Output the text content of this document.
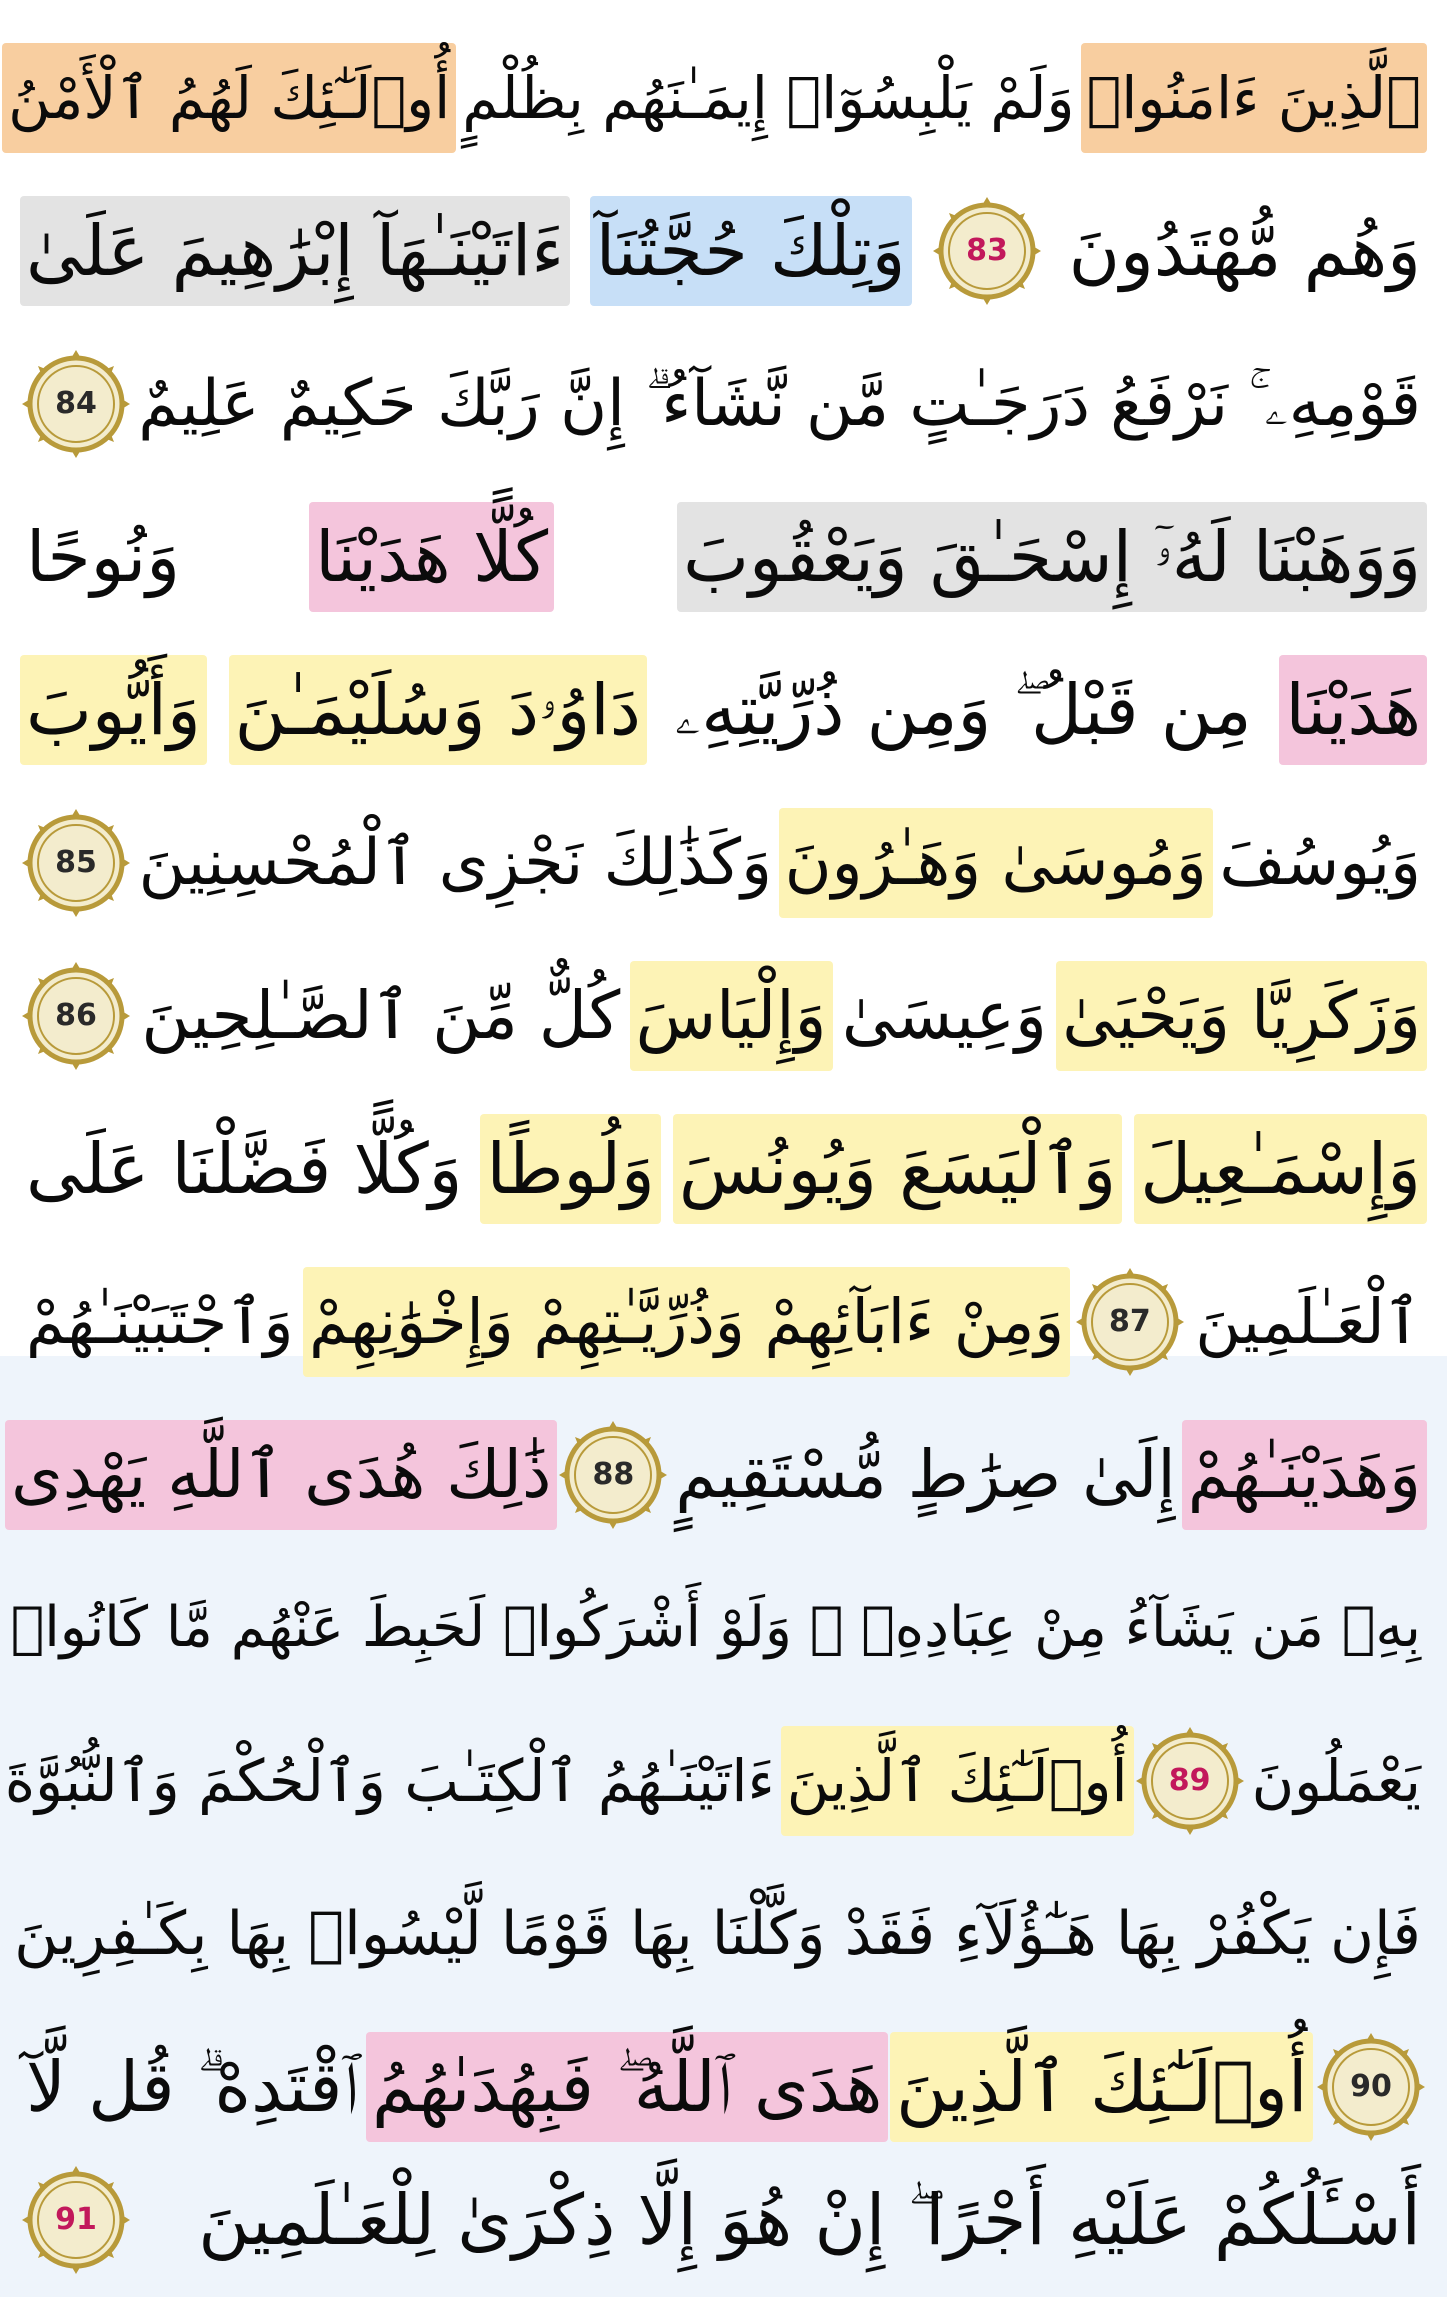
ٱلَّذِينَ ءَامَنُوا۟
وَلَمْ يَلْبِسُوٓا۟ إِيمَـٰنَهُم بِظُلْمٍ
أُو۟لَـٰٓئِكَ لَهُمُ ٱلْأَمْنُ
وَهُم مُّهْتَدُونَ
83
وَتِلْكَ حُجَّتُنَآ
ءَاتَيْنَـٰهَآ إِبْرَٰهِيمَ عَلَىٰ
قَوْمِهِۦ ۚ نَرْفَعُ دَرَجَـٰتٍ مَّن نَّشَآءُ ۗ إِنَّ رَبَّكَ حَكِيمٌ عَلِيمٌ
84
وَوَهَبْنَا لَهُۥٓ إِسْحَـٰقَ وَيَعْقُوبَ
كُلًّا هَدَيْنَا
وَنُوحًا
هَدَيْنَا
مِن قَبْلُ ۖ وَمِن ذُرِّيَّتِهِۦ
دَاوُۥدَ وَسُلَيْمَـٰنَ
وَأَيُّوبَ
وَيُوسُفَ
وَمُوسَىٰ وَهَـٰرُونَ
وَكَذَٰلِكَ نَجْزِى ٱلْمُحْسِنِينَ
85
وَزَكَرِيَّا وَيَحْيَىٰ
وَعِيسَىٰ
وَإِلْيَاسَ
كُلٌّ مِّنَ ٱلصَّـٰلِحِينَ
86
وَإِسْمَـٰعِيلَ
وَٱلْيَسَعَ وَيُونُسَ
وَلُوطًا
وَكُلًّا فَضَّلْنَا عَلَى
ٱلْعَـٰلَمِينَ
87
وَمِنْ ءَابَآئِهِمْ وَذُرِّيَّـٰتِهِمْ وَإِخْوَٰنِهِمْ
وَٱجْتَبَيْنَـٰهُمْ
وَهَدَيْنَـٰهُمْ
إِلَىٰ صِرَٰطٍ مُّسْتَقِيمٍ
88
ذَٰلِكَ هُدَى ٱللَّهِ يَهْدِى
بِهِۦ مَن يَشَآءُ مِنْ عِبَادِهِۦ ۚ وَلَوْ أَشْرَكُوا۟ لَحَبِطَ عَنْهُم مَّا كَانُوا۟
يَعْمَلُونَ
89
أُو۟لَـٰٓئِكَ ٱلَّذِينَ
ءَاتَيْنَـٰهُمُ ٱلْكِتَـٰبَ وَٱلْحُكْمَ وَٱلنُّبُوَّةَ
فَإِن يَكْفُرْ بِهَا هَـٰٓؤُلَآءِ فَقَدْ وَكَّلْنَا بِهَا قَوْمًا لَّيْسُوا۟ بِهَا بِكَـٰفِرِينَ
90
أُو۟لَـٰٓئِكَ ٱلَّذِينَ
هَدَى ٱللَّهُ ۖ فَبِهُدَىٰهُمُ
ٱقْتَدِهْ ۗ قُل لَّآ
أَسْـَٔلُكُمْ عَلَيْهِ أَجْرًا ۖ إِنْ هُوَ إِلَّا ذِكْرَىٰ لِلْعَـٰلَمِينَ
91
